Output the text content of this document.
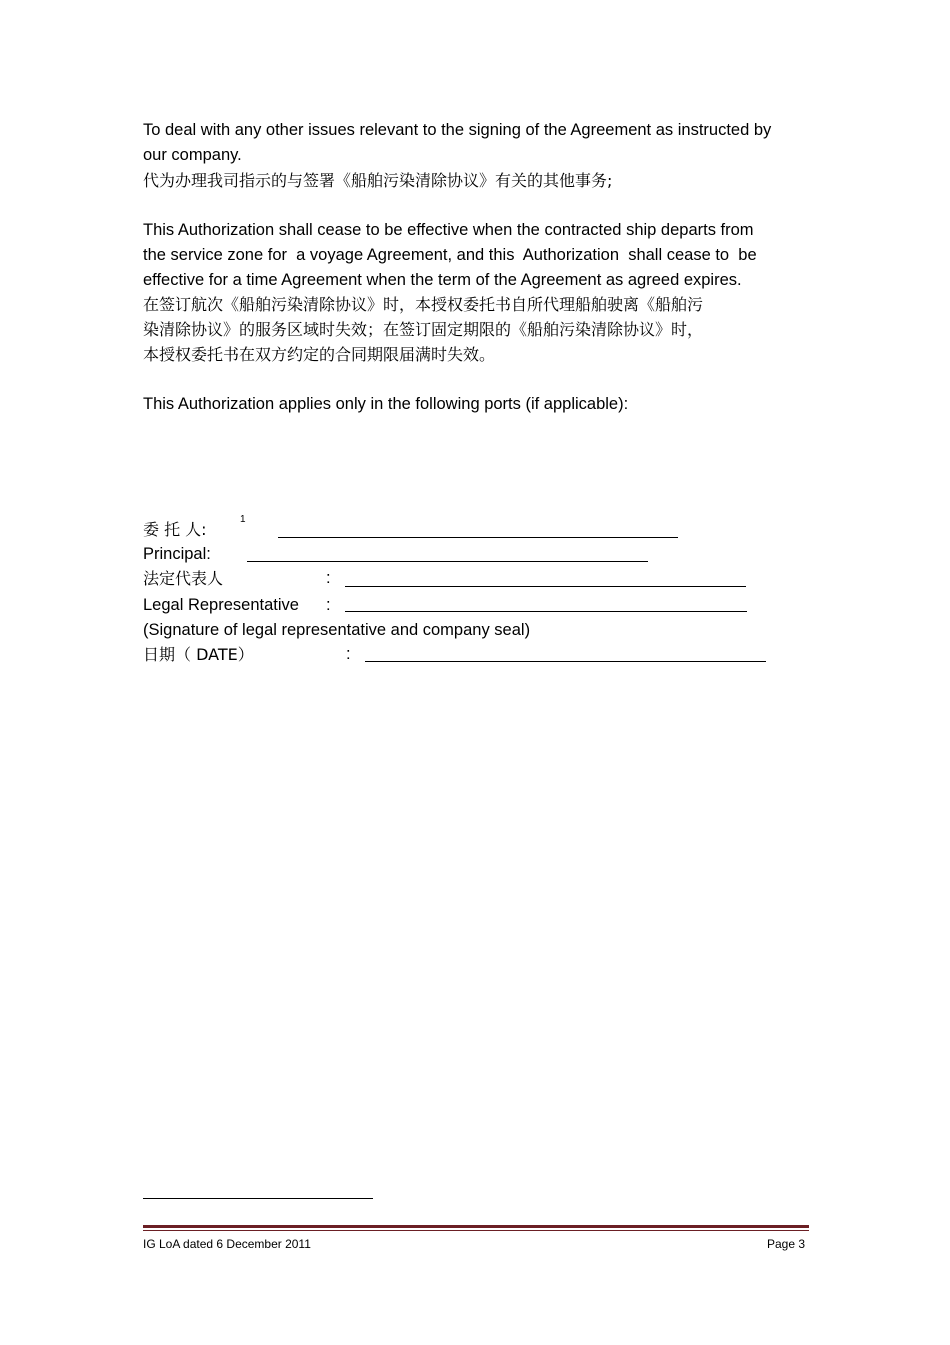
To deal with any other issues relevant to the signing of the Agreement as instructed by
our company.
代为办理我司指示的与签署《船舶污染清除协议》有关的其他事务;
This Authorization shall cease to be effective when the contracted ship departs from
the service zone for  a voyage Agreement, and this  Authorization  shall cease to  be
effective for a time Agreement when the term of the Agreement as agreed expires.
在签订航次《船舶污染清除协议》时，本授权委托书自所代理船舶驶离《船舶污
染清除协议》的服务区域时失效；在签订固定期限的《船舶污染清除协议》时，
本授权委托书在双方约定的合同期限届满时失效。
This Authorization applies only in the following ports (if applicable):
委 托 人:
1
Principal:
法定代表人	:
Legal Representative :
(Signature of legal representative and company seal)
日期（ DATE）	:
IG LoA dated 6 December 2011	Page 3
